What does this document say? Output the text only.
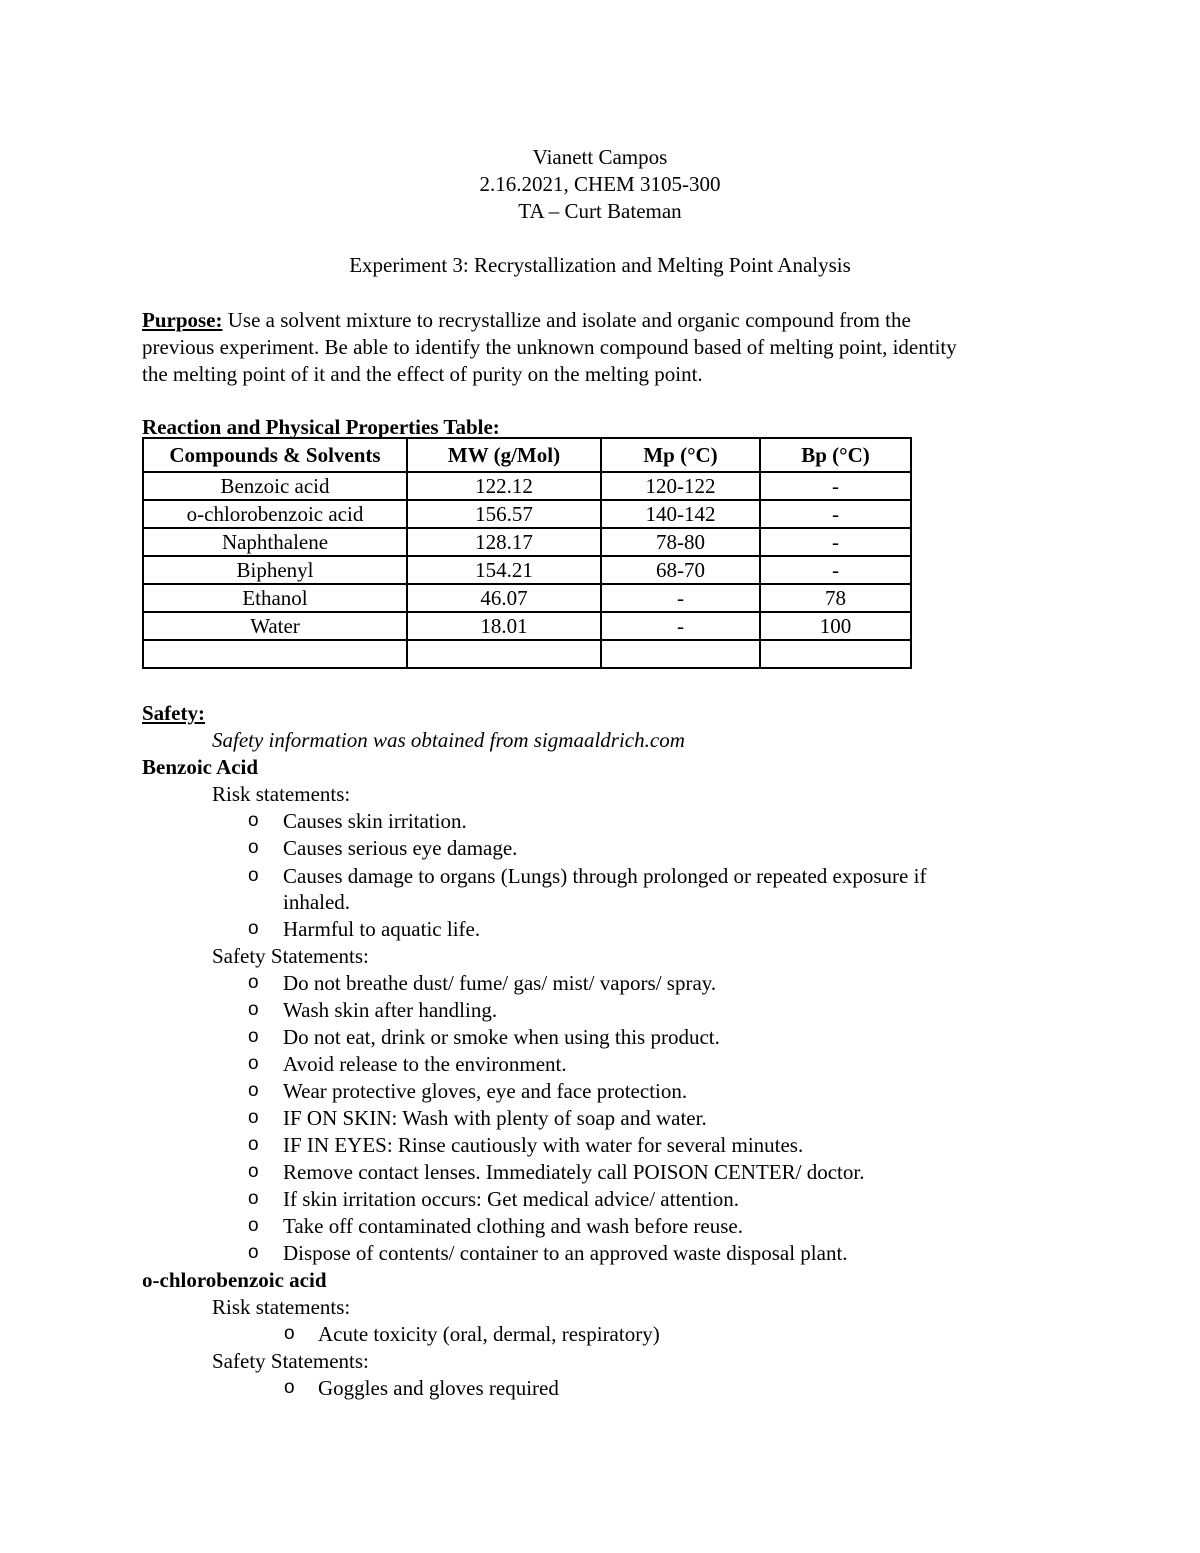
Vianett Campos
2.16.2021, CHEM 3105-300
TA – Curt Bateman
Experiment 3: Recrystallization and Melting Point Analysis
Purpose: Use a solvent mixture to recrystallize and isolate and organic compound from the
previous experiment. Be able to identify the unknown compound based of melting point, identity
the melting point of it and the effect of purity on the melting point.
Reaction and Physical Properties Table:
Compounds & Solvents	MW (g/Mol)	Mp (°C)	Bp (°C)
Benzoic acid	122.12	120-122	-
o-chlorobenzoic acid	156.57	140-142	-
Naphthalene	128.17	78-80	-
Biphenyl	154.21	68-70	-
Ethanol	46.07	-	78
Water	18.01	-	100

Safety:
Safety information was obtained from sigmaaldrich.com
Benzoic Acid
Risk statements:
o Causes skin irritation.
o Causes serious eye damage.
o Causes damage to organs (Lungs) through prolonged or repeated exposure if
inhaled.
o Harmful to aquatic life.
Safety Statements:
o Do not breathe dust/ fume/ gas/ mist/ vapors/ spray.
o Wash skin after handling.
o Do not eat, drink or smoke when using this product.
o Avoid release to the environment.
o Wear protective gloves, eye and face protection.
o IF ON SKIN: Wash with plenty of soap and water.
o IF IN EYES: Rinse cautiously with water for several minutes.
o Remove contact lenses. Immediately call POISON CENTER/ doctor.
o If skin irritation occurs: Get medical advice/ attention.
o Take off contaminated clothing and wash before reuse.
o Dispose of contents/ container to an approved waste disposal plant.
o-chlorobenzoic acid
Risk statements:
o Acute toxicity (oral, dermal, respiratory)
Safety Statements:
o Goggles and gloves required
